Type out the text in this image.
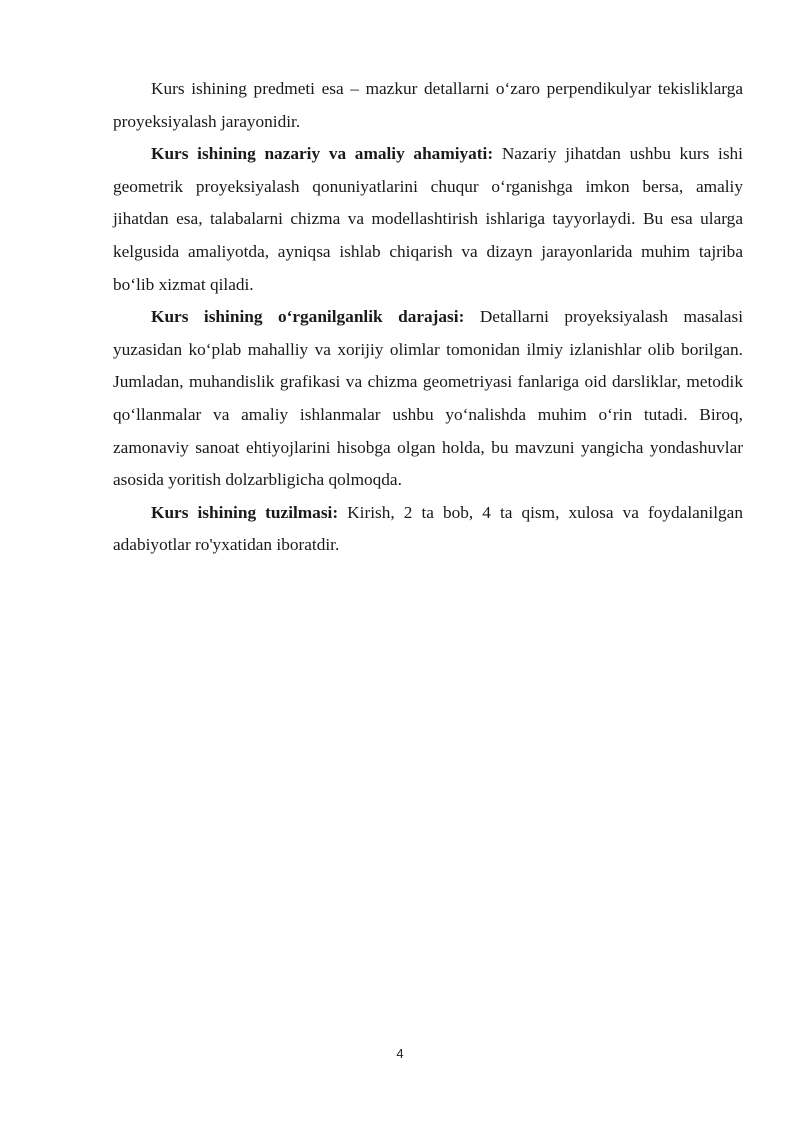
Kurs ishining predmeti esa – mazkur detallarni o‘zaro perpendikulyar tekisliklarga proyeksiyalash jarayonidir.

Kurs ishining nazariy va amaliy ahamiyati: Nazariy jihatdan ushbu kurs ishi geometrik proyeksiyalash qonuniyatlarini chuqur o‘rganishga imkon bersa, amaliy jihatdan esa, talabalarni chizma va modellashtirish ishlariga tayyorlaydi. Bu esa ularga kelgusida amaliyotda, ayniqsa ishlab chiqarish va dizayn jarayonlarida muhim tajriba bo‘lib xizmat qiladi.

Kurs ishining o‘rganilganlik darajasi: Detallarni proyeksiyalash masalasi yuzasidan ko‘plab mahalliy va xorijiy olimlar tomonidan ilmiy izlanishlar olib borilgan. Jumladan, muhandislik grafikasi va chizma geometriyasi fanlariga oid darsliklar, metodik qo‘llanmalar va amaliy ishlanmalar ushbu yo‘nalishda muhim o‘rin tutadi. Biroq, zamonaviy sanoat ehtiyojlarini hisobga olgan holda, bu mavzuni yangicha yondashuvlar asosida yoritish dolzarbligicha qolmoqda.

Kurs ishining tuzilmasi: Kirish, 2 ta bob, 4 ta qism, xulosa va foydalanilgan adabiyotlar ro'yxatidan iboratdir.

4
